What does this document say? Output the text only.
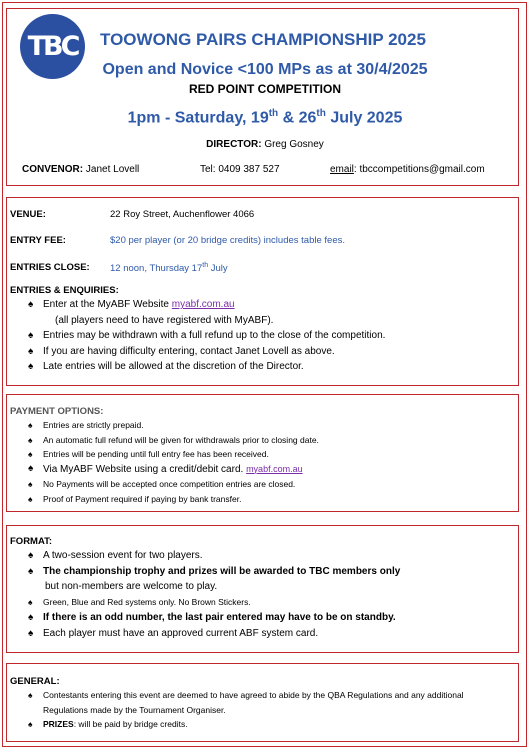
TBC TOOWONG PAIRS CHAMPIONSHIP 2025
Open and Novice <100 MPs as at 30/4/2025
RED POINT COMPETITION
1pm - Saturday, 19th & 26th July 2025
DIRECTOR: Greg Gosney
CONVENOR: Janet Lovell	Tel: 0409 387 527	email: tbccompetitions@gmail.com
VENUE:	22 Roy Street, Auchenflower 4066
ENTRY FEE:	$20 per player (or 20 bridge credits) includes table fees.
ENTRIES CLOSE: 12 noon, Thursday 17th July
ENTRIES & ENQUIRIES:
♠ Enter at the MyABF Website myabf.com.au
(all players need to have registered with MyABF).
♠ Entries may be withdrawn with a full refund up to the close of the competition.
♠ If you are having difficulty entering, contact Janet Lovell as above.
♠ Late entries will be allowed at the discretion of the Director.
PAYMENT OPTIONS:
♠ Entries are strictly prepaid.
♠ An automatic full refund will be given for withdrawals prior to closing date.
♠ Entries will be pending until full entry fee has been received.
♠ Via MyABF Website using a credit/debit card. myabf.com.au
♠ No Payments will be accepted once competition entries are closed.
♠ Proof of Payment required if paying by bank transfer.
FORMAT:
♠ A two-session event for two players.
♠ The championship trophy and prizes will be awarded to TBC members only
but non-members are welcome to play.
♠ Green, Blue and Red systems only. No Brown Stickers.
♠ If there is an odd number, the last pair entered may have to be on standby.
♠ Each player must have an approved current ABF system card.
GENERAL:
♠ Contestants entering this event are deemed to have agreed to abide by the QBA Regulations and any additional Regulations made by the Tournament Organiser.
♠ PRIZES: will be paid by bridge credits.
